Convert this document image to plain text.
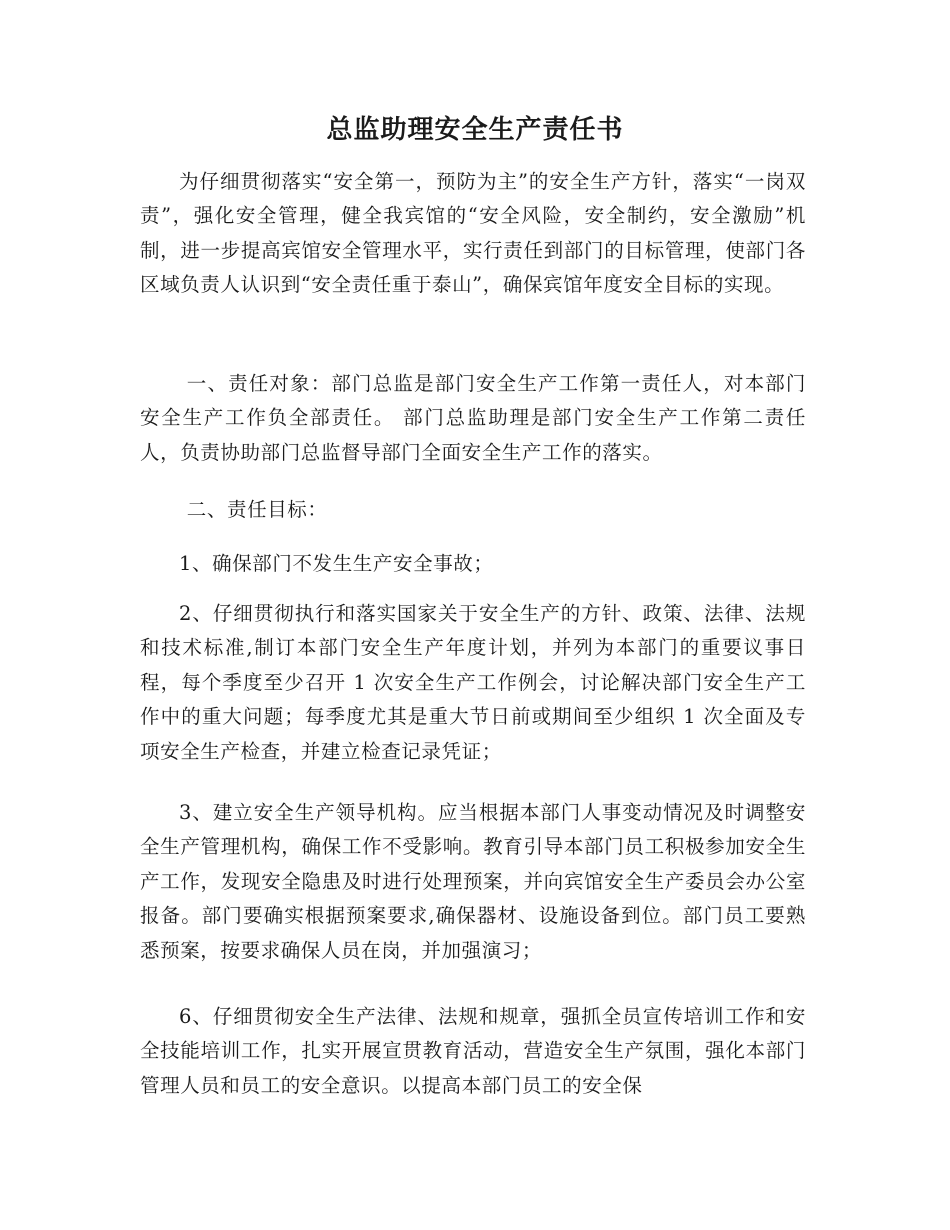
总监助理安全生产责任书

为仔细贯彻落实“安全第一，预防为主”的安全生产方针，落实“一岗双责”，强化安全管理，健全我宾馆的“安全风险，安全制约，安全激励”机制，进一步提高宾馆安全管理水平，实行责任到部门的目标管理，使部门各区域负责人认识到“安全责任重于泰山”，确保宾馆年度安全目标的实现。

一、责任对象：部门总监是部门安全生产工作第一责任人，对本部门安全生产工作负全部责任。 部门总监助理是部门安全生产工作第二责任人，负责协助部门总监督导部门全面安全生产工作的落实。

二、责任目标：

1、确保部门不发生生产安全事故；

2、仔细贯彻执行和落实国家关于安全生产的方针、政策、法律、法规和技术标准,制订本部门安全生产年度计划，并列为本部门的重要议事日程，每个季度至少召开 1 次安全生产工作例会，讨论解决部门安全生产工作中的重大问题；每季度尤其是重大节日前或期间至少组织 1 次全面及专项安全生产检查，并建立检查记录凭证；

3、建立安全生产领导机构。应当根据本部门人事变动情况及时调整安全生产管理机构，确保工作不受影响。教育引导本部门员工积极参加安全生产工作，发现安全隐患及时进行处理预案，并向宾馆安全生产委员会办公室报备。部门要确实根据预案要求,确保器材、设施设备到位。部门员工要熟悉预案，按要求确保人员在岗，并加强演习；

6、仔细贯彻安全生产法律、法规和规章，强抓全员宣传培训工作和安全技能培训工作，扎实开展宣贯教育活动，营造安全生产氛围，强化本部门管理人员和员工的安全意识。以提高本部门员工的安全保
